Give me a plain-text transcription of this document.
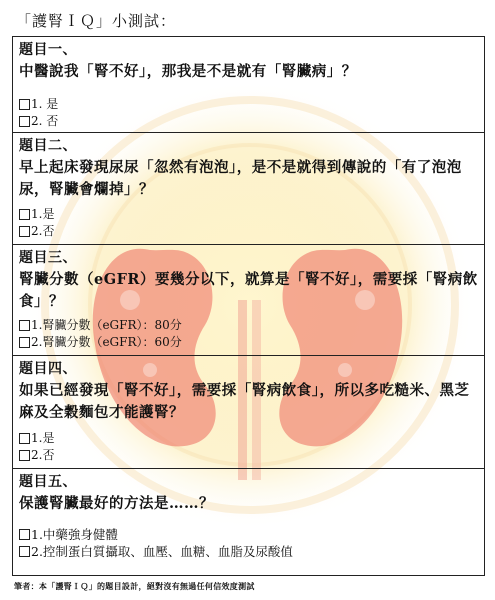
「護腎ＩＱ」小測試：
題目一、
中醫說我「腎不好」，那我是不是就有「腎臟病」？
1. 是
2. 否
題目二、
早上起床發現尿尿「忽然有泡泡」，是不是就得到傳說的「有了泡泡尿，腎臟會爛掉」？
1.是
2.否
題目三、
腎臟分數（eGFR）要幾分以下，就算是「腎不好」，需要採「腎病飲食」？
1.腎臟分數（eGFR）：80分
2.腎臟分數（eGFR）：60分
題目四、
如果已經發現「腎不好」，需要採「腎病飲食」，所以多吃糙米、黑芝麻及全穀麵包才能護腎？
1.是
2.否
題目五、
保護腎臟最好的方法是……？
1.中藥強身健體
2.控制蛋白質攝取、血壓、血糖、血脂及尿酸值
筆者：本「護腎ＩＱ」的題目設計，絕對沒有無過任何信效度測試
